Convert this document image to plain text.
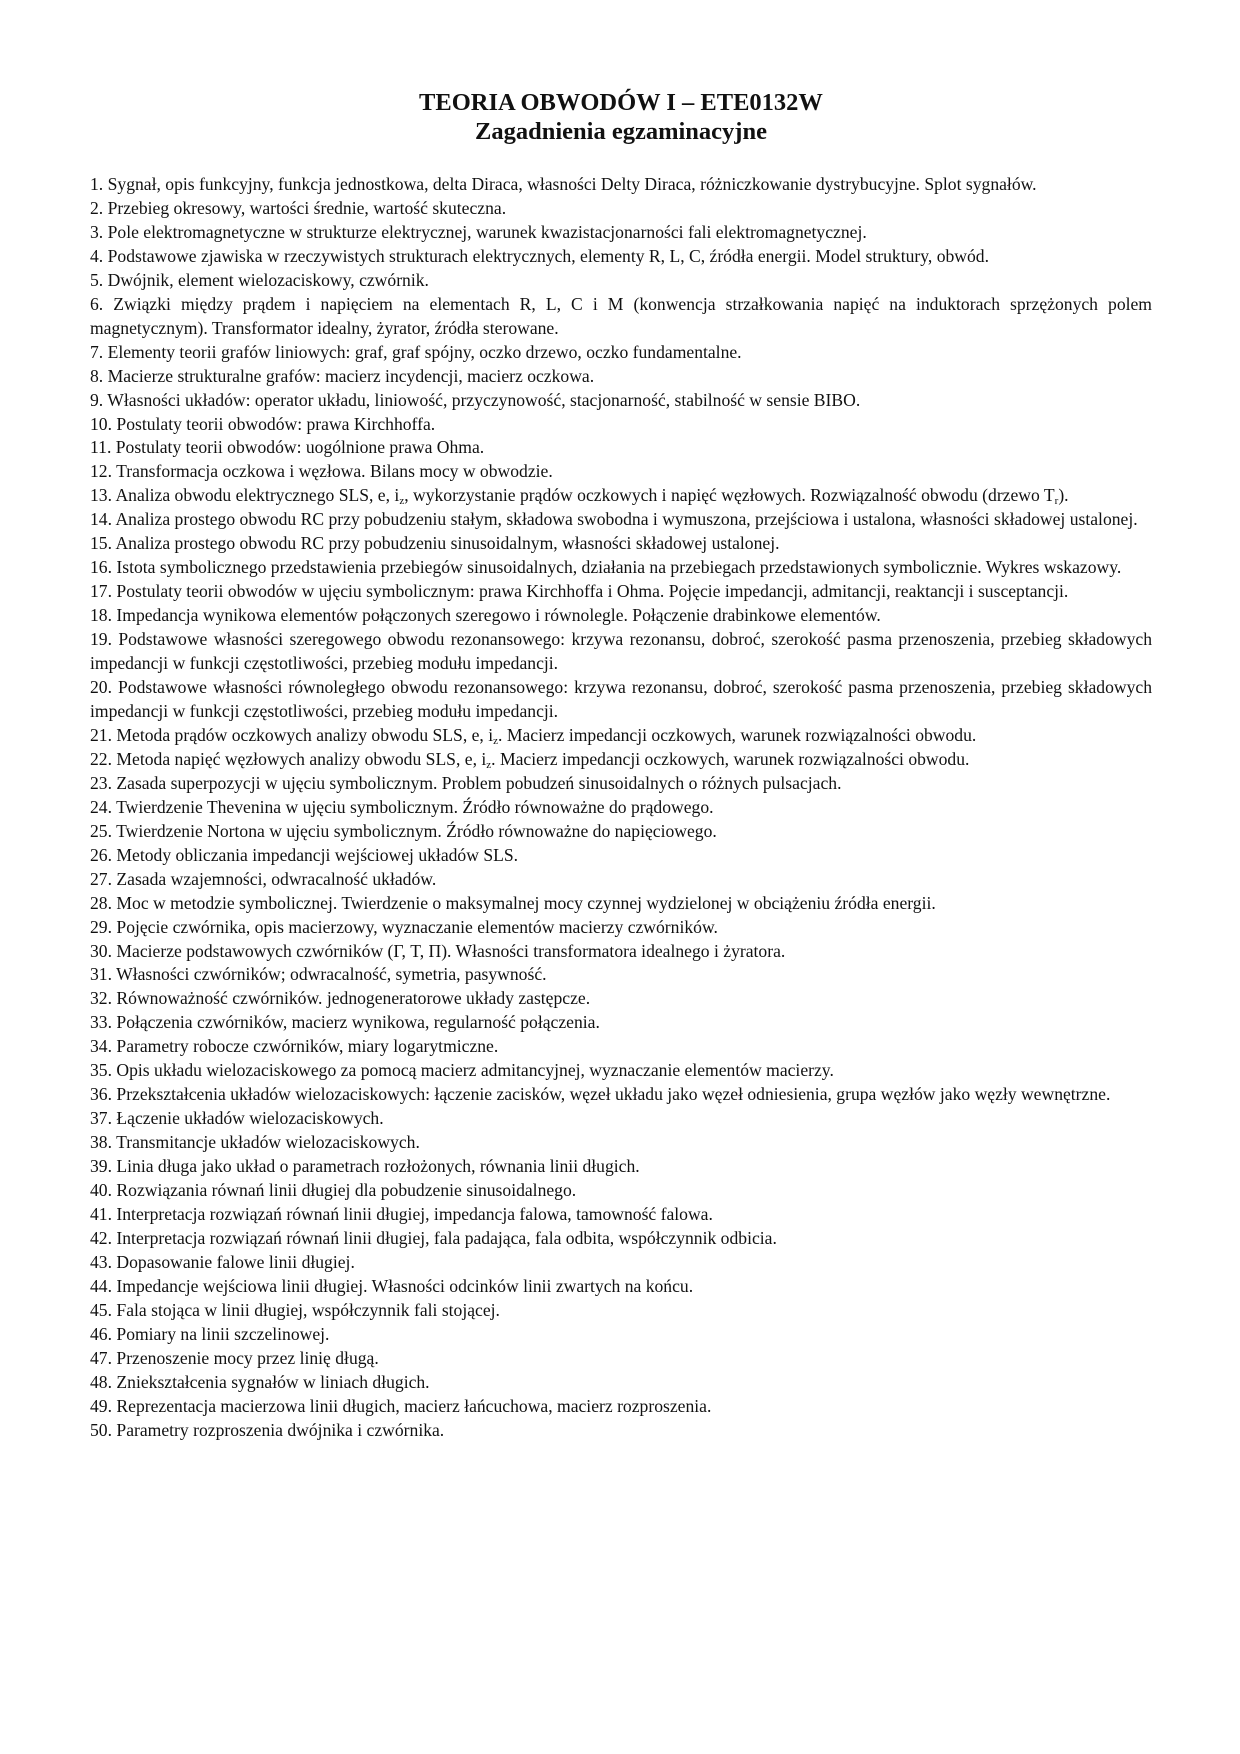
TEORIA OBWODÓW I – ETE0132W
Zagadnienia egzaminacyjne
1. Sygnał, opis funkcyjny, funkcja jednostkowa, delta Diraca, własności Delty Diraca, różniczkowanie dystrybucyjne. Splot sygnałów.
2. Przebieg okresowy, wartości średnie, wartość skuteczna.
3. Pole elektromagnetyczne w strukturze elektrycznej, warunek kwazistacjonarności fali elektromagnetycznej.
4. Podstawowe zjawiska w rzeczywistych strukturach elektrycznych, elementy R, L, C, źródła energii. Model struktury, obwód.
5. Dwójnik, element wielozaciskowy, czwórnik.
6. Związki między prądem i napięciem na elementach R, L, C i M (konwencja strzałkowania napięć na induktorach sprzężonych polem magnetycznym). Transformator idealny, żyrator, źródła sterowane.
7. Elementy teorii grafów liniowych: graf, graf spójny, oczko drzewo, oczko fundamentalne.
8. Macierze strukturalne grafów: macierz incydencji, macierz oczkowa.
9. Własności układów: operator układu, liniowość, przyczynowość, stacjonarność, stabilność w sensie BIBO.
10. Postulaty teorii obwodów: prawa Kirchhoffa.
11. Postulaty teorii obwodów: uogólnione prawa Ohma.
12. Transformacja oczkowa i węzłowa. Bilans mocy w obwodzie.
13. Analiza obwodu elektrycznego SLS, e, $i_z$, wykorzystanie prądów oczkowych i napięć węzłowych. Rozwiązalność obwodu (drzewo $T_r$).
14. Analiza prostego obwodu RC przy pobudzeniu stałym, składowa swobodna i wymuszona, przejściowa i ustalona, własności składowej ustalonej.
15. Analiza prostego obwodu RC przy pobudzeniu sinusoidalnym, własności składowej ustalonej.
16. Istota symbolicznego przedstawienia przebiegów sinusoidalnych, działania na przebiegach przedstawionych symbolicznie. Wykres wskazowy.
17. Postulaty teorii obwodów w ujęciu symbolicznym: prawa Kirchhoffa i Ohma. Pojęcie impedancji, admitancji, reaktancji i susceptancji.
18. Impedancja wynikowa elementów połączonych szeregowo i równolegle. Połączenie drabinkowe elementów.
19. Podstawowe własności szeregowego obwodu rezonansowego: krzywa rezonansu, dobroć, szerokość pasma przenoszenia, przebieg składowych impedancji w funkcji częstotliwości, przebieg modułu impedancji.
20. Podstawowe własności równoległego obwodu rezonansowego: krzywa rezonansu, dobroć, szerokość pasma przenoszenia, przebieg składowych impedancji w funkcji częstotliwości, przebieg modułu impedancji.
21. Metoda prądów oczkowych analizy obwodu SLS, e, $i_z$. Macierz impedancji oczkowych, warunek rozwiązalności obwodu.
22. Metoda napięć węzłowych analizy obwodu SLS, e, $i_z$. Macierz impedancji oczkowych, warunek rozwiązalności obwodu.
23. Zasada superpozycji w ujęciu symbolicznym. Problem pobudzeń sinusoidalnych o różnych pulsacjach.
24. Twierdzenie Thevenina w ujęciu symbolicznym. Źródło równoważne do prądowego.
25. Twierdzenie Nortona w ujęciu symbolicznym. Źródło równoważne do napięciowego.
26. Metody obliczania impedancji wejściowej układów SLS.
27. Zasada wzajemności, odwracalność układów.
28. Moc w metodzie symbolicznej. Twierdzenie o maksymalnej mocy czynnej wydzielonej w obciążeniu źródła energii.
29. Pojęcie czwórnika, opis macierzowy, wyznaczanie elementów macierzy czwórników.
30. Macierze podstawowych czwórników (Γ, T, Π). Własności transformatora idealnego i żyratora.
31. Własności czwórników; odwracalność, symetria, pasywność.
32. Równoważność czwórników. jednogeneratorowe układy zastępcze.
33. Połączenia czwórników, macierz wynikowa, regularność połączenia.
34. Parametry robocze czwórników, miary logarytmiczne.
35. Opis układu wielozaciskowego za pomocą macierz admitancyjnej, wyznaczanie elementów macierzy.
36. Przekształcenia układów wielozaciskowych: łączenie zacisków, węzeł układu jako węzeł odniesienia, grupa węzłów jako węzły wewnętrzne.
37. Łączenie układów wielozaciskowych.
38. Transmitancje układów wielozaciskowych.
39. Linia długa jako układ o parametrach rozłożonych, równania linii długich.
40. Rozwiązania równań linii długiej dla pobudzenie sinusoidalnego.
41. Interpretacja rozwiązań równań linii długiej, impedancja falowa, tamowność falowa.
42. Interpretacja rozwiązań równań linii długiej, fala padająca, fala odbita, współczynnik odbicia.
43. Dopasowanie falowe linii długiej.
44. Impedancje wejściowa linii długiej. Własności odcinków linii zwartych na końcu.
45. Fala stojąca w linii długiej, współczynnik fali stojącej.
46. Pomiary na linii szczelinowej.
47. Przenoszenie mocy przez linię długą.
48. Zniekształcenia sygnałów w liniach długich.
49. Reprezentacja macierzowa linii długich, macierz łańcuchowa, macierz rozproszenia.
50. Parametry rozproszenia dwójnika i czwórnika.
